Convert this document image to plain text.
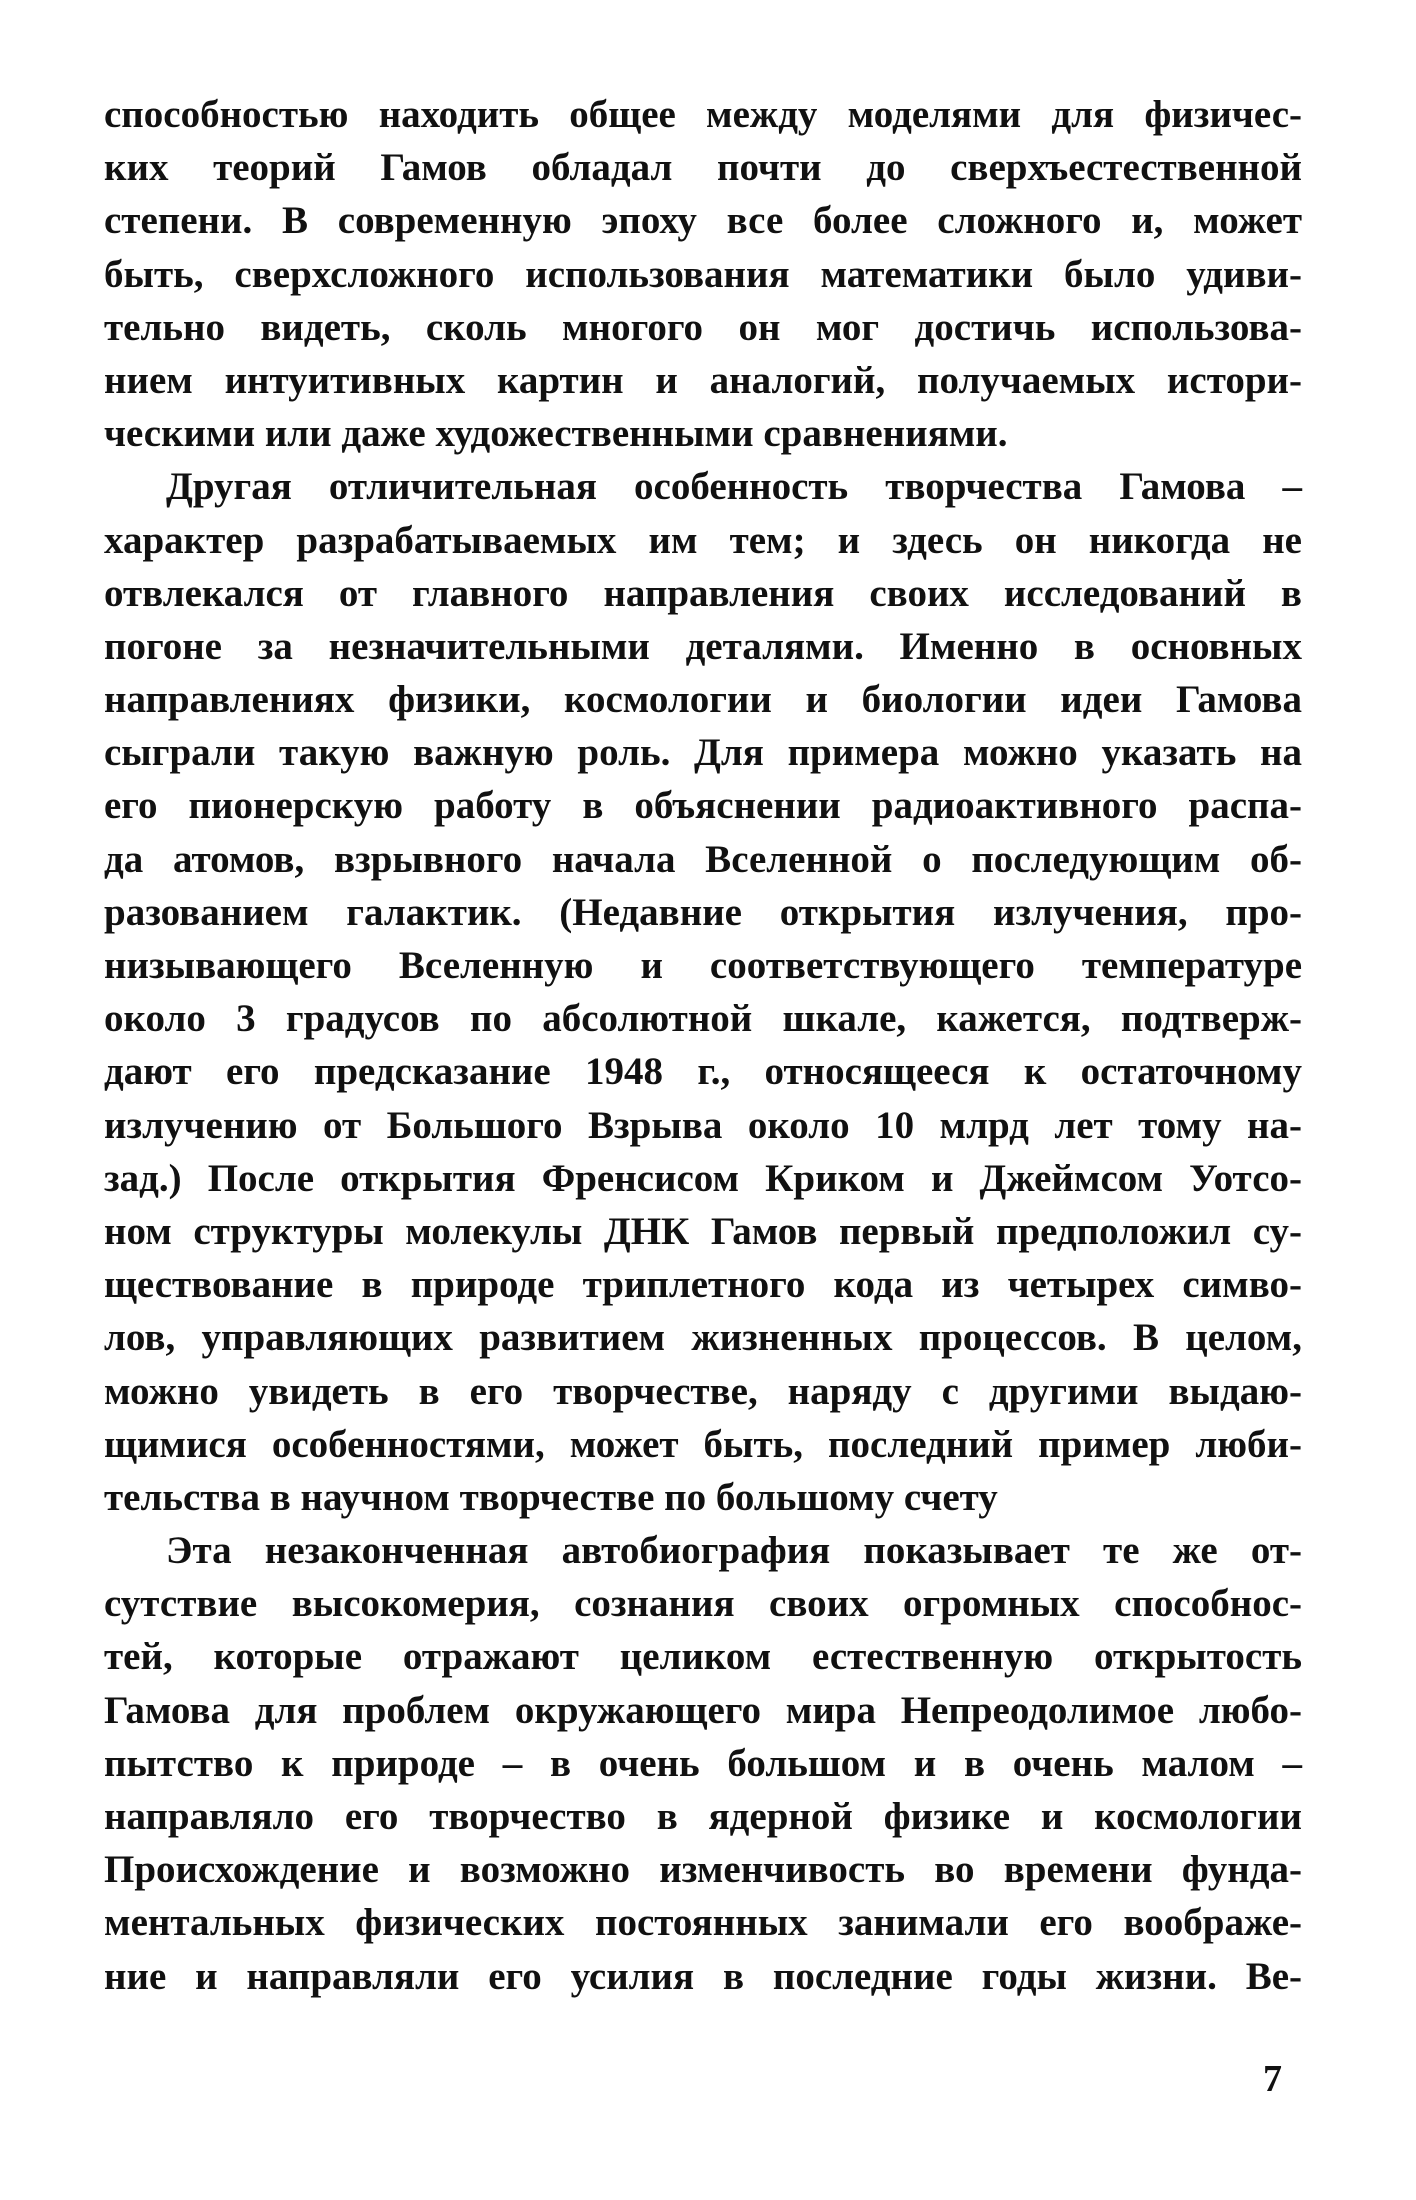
способностью находить общее между моделями для физичес-
ких теорий Гамов обладал почти до сверхъестественной
степени. В современную эпоху все более сложного и, может
быть, сверхсложного использования математики было удиви-
тельно видеть, сколь многого он мог достичь использова-
нием интуитивных картин и аналогий, получаемых истори-
ческими или даже художественными сравнениями.
Другая отличительная особенность творчества Гамова –
характер разрабатываемых им тем; и здесь он никогда не
отвлекался от главного направления своих исследований в
погоне за незначительными деталями. Именно в основных
направлениях физики, космологии и биологии идеи Гамова
сыграли такую важную роль. Для примера можно указать на
его пионерскую работу в объяснении радиоактивного распа-
да атомов, взрывного начала Вселенной о последующим об-
разованием галактик. (Недавние открытия излучения, про-
низывающего Вселенную и соответствующего температуре
около 3 градусов по абсолютной шкале, кажется, подтверж-
дают его предсказание 1948 г., относящееся к остаточному
излучению от Большого Взрыва около 10 млрд лет тому на-
зад.) После открытия Френсисом Криком и Джеймсом Уотсо-
ном структуры молекулы ДНК Гамов первый предположил су-
ществование в природе триплетного кода из четырех симво-
лов, управляющих развитием жизненных процессов. В целом,
можно увидеть в его творчестве, наряду с другими выдаю-
щимися особенностями, может быть, последний пример люби-
тельства в научном творчестве по большому счету
Эта незаконченная автобиография показывает те же от-
сутствие высокомерия, сознания своих огромных способнос-
тей, которые отражают целиком естественную открытость
Гамова для проблем окружающего мира Непреодолимое любо-
пытство к природе – в очень большом и в очень малом –
направляло его творчество в ядерной физике и космологии
Происхождение и возможно изменчивость во времени фунда-
ментальных физических постоянных занимали его воображе-
ние и направляли его усилия в последние годы жизни. Ве-
7
